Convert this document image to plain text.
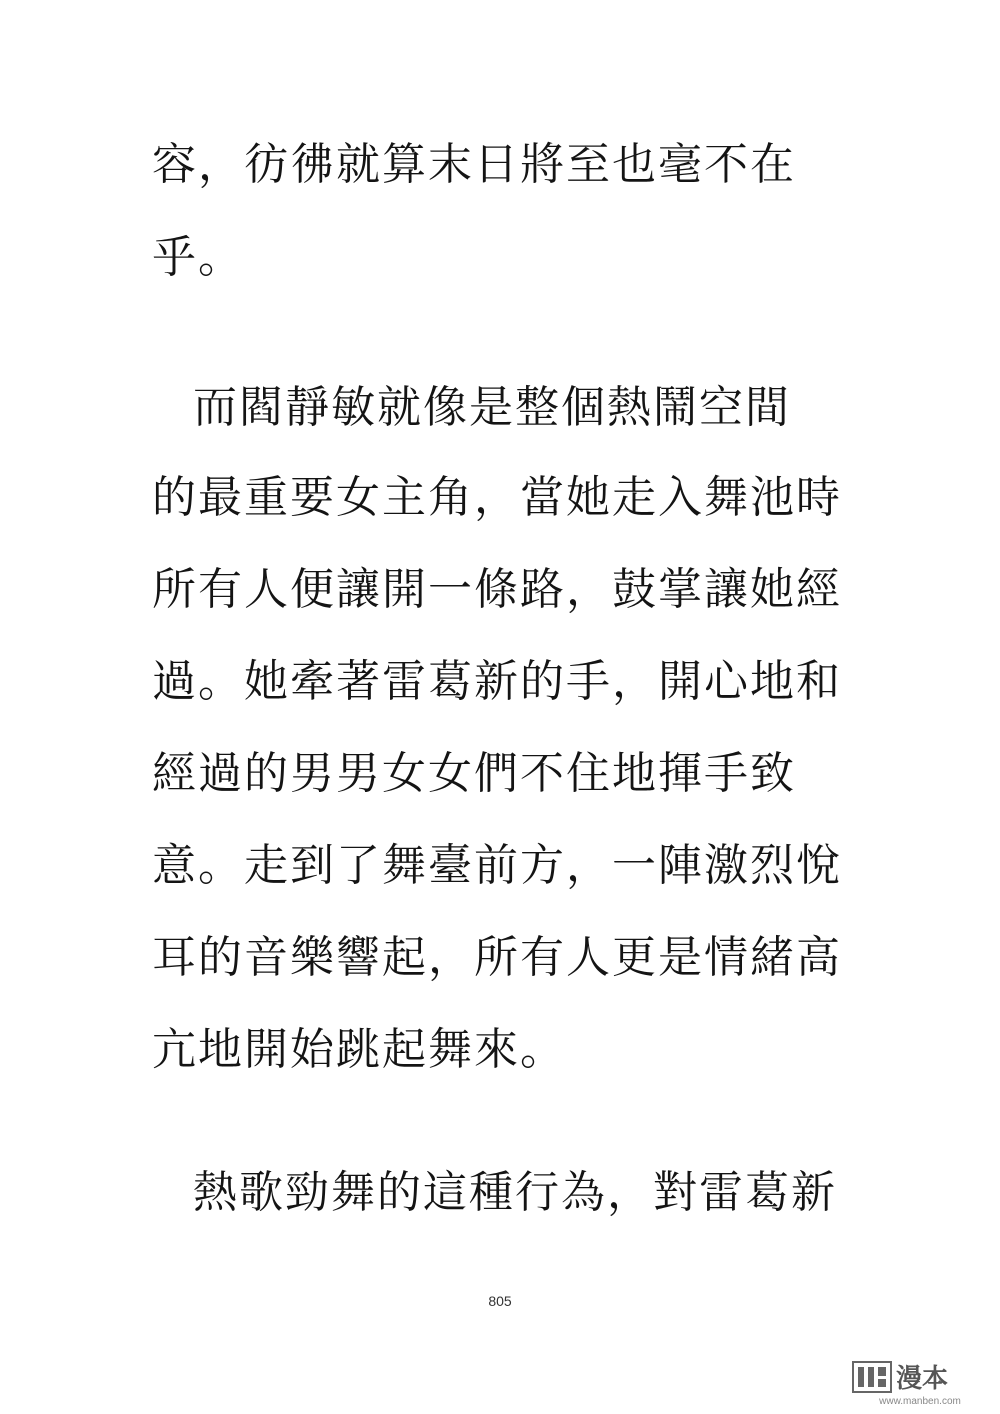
容，彷彿就算末日將至也毫不在
乎。
而閻靜敏就像是整個熱鬧空間
的最重要女主角，當她走入舞池時
所有人便讓開一條路，鼓掌讓她經
過。她牽著雷葛新的手，開心地和
經過的男男女女們不住地揮手致
意。走到了舞臺前方，一陣激烈悅
耳的音樂響起，所有人更是情緒高
亢地開始跳起舞來。
熱歌勁舞的這種行為，對雷葛新
805
漫本
www.manben.com
